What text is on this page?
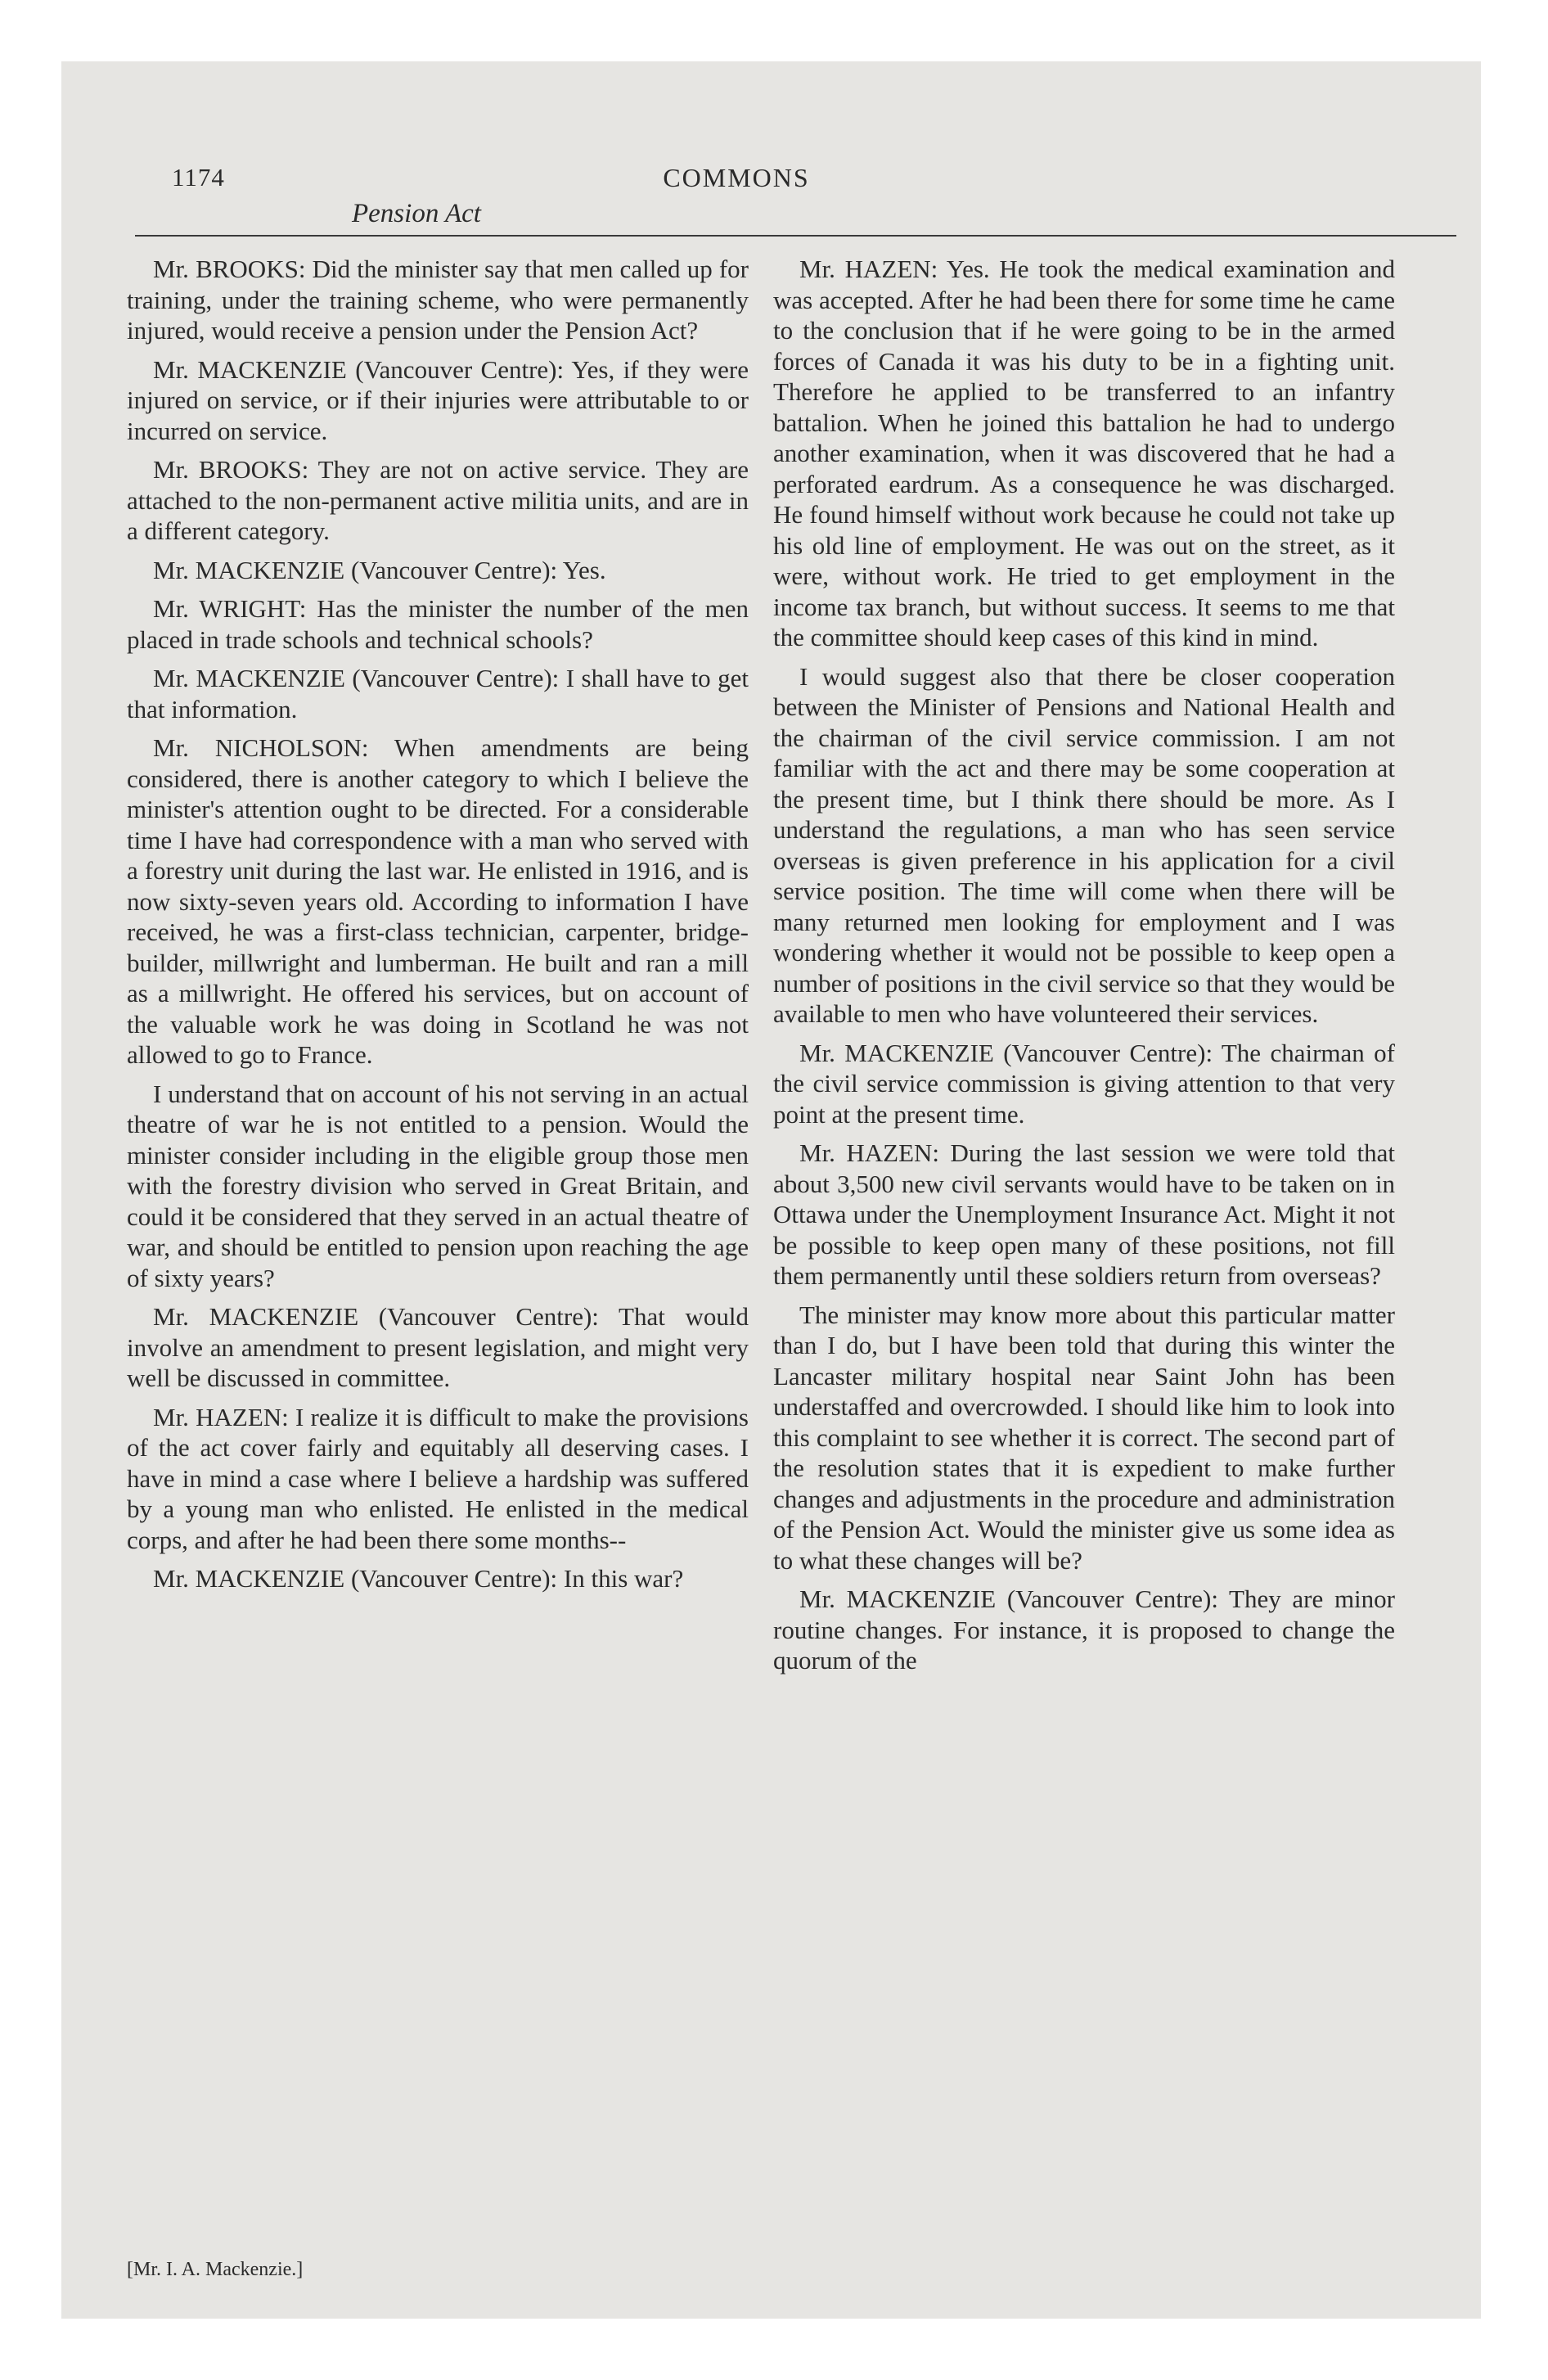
1174	COMMONS
Pension Act

Mr. BROOKS: Did the minister say that men called up for training, under the training scheme, who were permanently injured, would receive a pension under the Pension Act?

Mr. MACKENZIE (Vancouver Centre): Yes, if they were injured on service, or if their injuries were attributable to or incurred on service.

Mr. BROOKS: They are not on active service. They are attached to the non-permanent active militia units, and are in a different category.

Mr. MACKENZIE (Vancouver Centre): Yes.

Mr. WRIGHT: Has the minister the number of the men placed in trade schools and technical schools?

Mr. MACKENZIE (Vancouver Centre): I shall have to get that information.

Mr. NICHOLSON: When amendments are being considered, there is another category to which I believe the minister's attention ought to be directed. For a considerable time I have had correspondence with a man who served with a forestry unit during the last war. He enlisted in 1916, and is now sixty-seven years old. According to information I have received, he was a first-class technician, carpenter, bridge-builder, millwright and lumberman. He built and ran a mill as a millwright. He offered his services, but on account of the valuable work he was doing in Scotland he was not allowed to go to France.

I understand that on account of his not serving in an actual theatre of war he is not entitled to a pension. Would the minister consider including in the eligible group those men with the forestry division who served in Great Britain, and could it be considered that they served in an actual theatre of war, and should be entitled to pension upon reaching the age of sixty years?

Mr. MACKENZIE (Vancouver Centre): That would involve an amendment to present legislation, and might very well be discussed in committee.

Mr. HAZEN: I realize it is difficult to make the provisions of the act cover fairly and equitably all deserving cases. I have in mind a case where I believe a hardship was suffered by a young man who enlisted. He enlisted in the medical corps, and after he had been there some months--

Mr. MACKENZIE (Vancouver Centre): In this war?

Mr. HAZEN: Yes. He took the medical examination and was accepted. After he had been there for some time he came to the conclusion that if he were going to be in the armed forces of Canada it was his duty to be in a fighting unit. Therefore he applied to be transferred to an infantry battalion. When he joined this battalion he had to undergo another examination, when it was discovered that he had a perforated eardrum. As a consequence he was discharged. He found himself without work because he could not take up his old line of employment. He was out on the street, as it were, without work. He tried to get employment in the income tax branch, but without success. It seems to me that the committee should keep cases of this kind in mind.

I would suggest also that there be closer cooperation between the Minister of Pensions and National Health and the chairman of the civil service commission. I am not familiar with the act and there may be some cooperation at the present time, but I think there should be more. As I understand the regulations, a man who has seen service overseas is given preference in his application for a civil service position. The time will come when there will be many returned men looking for employment and I was wondering whether it would not be possible to keep open a number of positions in the civil service so that they would be available to men who have volunteered their services.

Mr. MACKENZIE (Vancouver Centre): The chairman of the civil service commission is giving attention to that very point at the present time.

Mr. HAZEN: During the last session we were told that about 3,500 new civil servants would have to be taken on in Ottawa under the Unemployment Insurance Act. Might it not be possible to keep open many of these positions, not fill them permanently until these soldiers return from overseas?

The minister may know more about this particular matter than I do, but I have been told that during this winter the Lancaster military hospital near Saint John has been understaffed and overcrowded. I should like him to look into this complaint to see whether it is correct. The second part of the resolution states that it is expedient to make further changes and adjustments in the procedure and administration of the Pension Act. Would the minister give us some idea as to what these changes will be?

Mr. MACKENZIE (Vancouver Centre): They are minor routine changes. For instance, it is proposed to change the quorum of the

[Mr. I. A. Mackenzie.]
